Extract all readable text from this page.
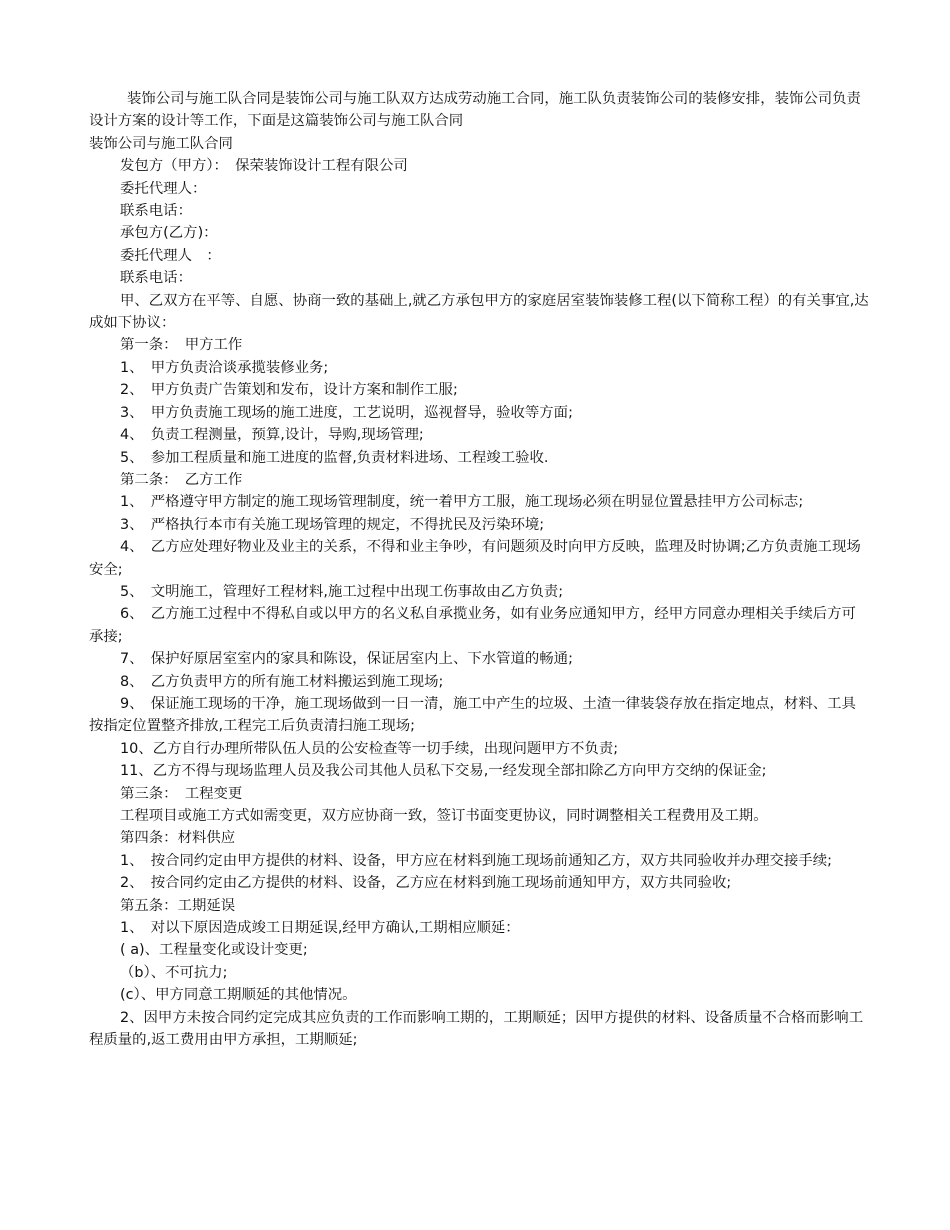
装饰公司与施工队合同是装饰公司与施工队双方达成劳动施工合同，施工队负责装饰公司的装修安排，装饰公司负责设计方案的设计等工作，下面是这篇装饰公司与施工队合同

装饰公司与施工队合同

发包方（甲方）：　保荣装饰设计工程有限公司

委托代理人：

联系电话：

承包方(乙方)：

委托代理人　：

联系电话：

甲、乙双方在平等、自愿、协商一致的基础上,就乙方承包甲方的家庭居室装饰装修工程(以下简称工程）的有关事宜,达成如下协议：

第一条：　甲方工作

1、　甲方负责洽谈承揽装修业务;

2、　甲方负责广告策划和发布，设计方案和制作工服;

3、　甲方负责施工现场的施工进度，工艺说明，巡视督导，验收等方面;

4、　负责工程测量，预算,设计，导购,现场管理;

5、　参加工程质量和施工进度的监督,负责材料进场、工程竣工验收.

第二条：　乙方工作

1、　严格遵守甲方制定的施工现场管理制度，统一着甲方工服，施工现场必须在明显位置悬挂甲方公司标志;

3、　严格执行本市有关施工现场管理的规定，不得扰民及污染环境;

4、　乙方应处理好物业及业主的关系，不得和业主争吵，有问题须及时向甲方反映，监理及时协调;乙方负责施工现场安全;

5、　文明施工，管理好工程材料,施工过程中出现工伤事故由乙方负责;

6、　乙方施工过程中不得私自或以甲方的名义私自承揽业务，如有业务应通知甲方，经甲方同意办理相关手续后方可承接;

7、　保护好原居室室内的家具和陈设，保证居室内上、下水管道的畅通;

8、　乙方负责甲方的所有施工材料搬运到施工现场;

9、　保证施工现场的干净，施工现场做到一日一清，施工中产生的垃圾、土渣一律装袋存放在指定地点，材料、工具按指定位置整齐排放,工程完工后负责清扫施工现场;

10、乙方自行办理所带队伍人员的公安检查等一切手续，出现问题甲方不负责;

11、乙方不得与现场监理人员及我公司其他人员私下交易,一经发现全部扣除乙方向甲方交纳的保证金;

第三条：　工程变更

工程项目或施工方式如需变更，双方应协商一致，签订书面变更协议，同时调整相关工程费用及工期。

第四条：材料供应

1、　按合同约定由甲方提供的材料、设备，甲方应在材料到施工现场前通知乙方，双方共同验收并办理交接手续;

2、　按合同约定由乙方提供的材料、设备，乙方应在材料到施工现场前通知甲方，双方共同验收;

第五条：工期延误

1、　对以下原因造成竣工日期延误,经甲方确认,工期相应顺延：

( a)、工程量变化或设计变更;

（b）、不可抗力;

(c）、甲方同意工期顺延的其他情况。

2、因甲方未按合同约定完成其应负责的工作而影响工期的，工期顺延；因甲方提供的材料、设备质量不合格而影响工程质量的,返工费用由甲方承担，工期顺延;
